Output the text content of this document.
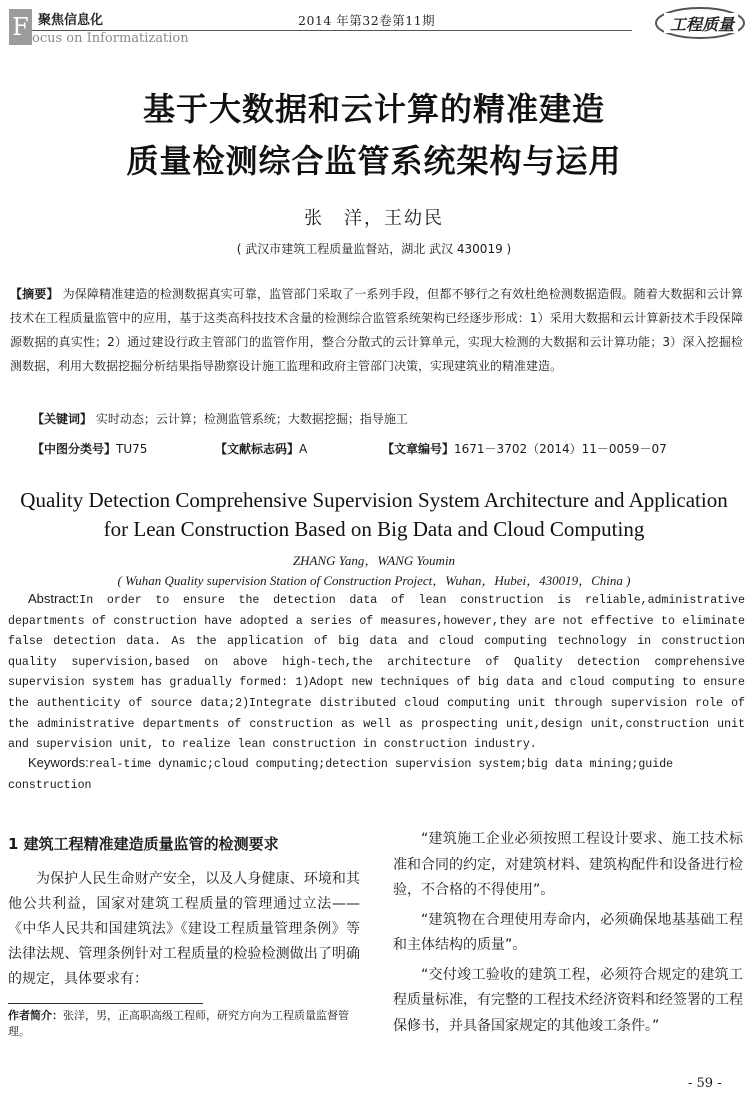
F 聚焦信息化
ocus on Informatization
2014 年第32卷第11期	工程质量
基于大数据和云计算的精准建造
质量检测综合监管系统架构与运用
张　洋，王幼民
( 武汉市建筑工程质量监督站，湖北 武汉 430019 )
【摘要】 为保障精准建造的检测数据真实可靠，监管部门采取了一系列手段，但都不够行之有效杜绝检测数据造假。随着大数据和云计算技术在工程质量监管中的应用，基于这类高科技技术含量的检测综合监管系统架构已经逐步形成：1）采用大数据和云计算新技术手段保障源数据的真实性；2）通过建设行政主管部门的监管作用，整合分散式的云计算单元，实现大检测的大数据和云计算功能；3）深入挖掘检测数据，利用大数据挖掘分析结果指导勘察设计施工监理和政府主管部门决策，实现建筑业的精准建造。
【关键词】 实时动态；云计算；检测监管系统；大数据挖掘；指导施工
【中图分类号】TU75	【文献标志码】A	【文章编号】1671－3702（2014）11－0059－07
Quality Detection Comprehensive Supervision System Architecture and Application
for Lean Construction Based on Big Data and Cloud Computing
ZHANG Yang，WANG Youmin
( Wuhan Quality supervision Station of Construction Project，Wuhan，Hubei，430019，China )
Abstract:In order to ensure the detection data of lean construction is reliable,administrative departments of construction have adopted a series of measures,however,they are not effective to eliminate false detection data. As the application of big data and cloud computing technology in construction quality supervision,based on above high-tech,the architecture of Quality detection comprehensive supervision system has gradually formed: 1)Adopt new techniques of big data and cloud computing to ensure the authenticity of source data;2)Integrate distributed cloud computing unit through supervision role of the administrative departments of construction as well as prospecting unit,design unit,construction unit and supervision unit, to realize lean construction in construction industry.
Keywords:real-time dynamic;cloud computing;detection supervision system;big data mining;guide construction
1 建筑工程精准建造质量监管的检测要求

为保护人民生命财产安全，以及人身健康、环境和其他公共利益，国家对建筑工程质量的管理通过立法——《中华人民共和国建筑法》《建设工程质量管理条例》等法律法规、管理条例针对工程质量的检验检测做出了明确的规定，具体要求有：

“建筑施工企业必须按照工程设计要求、施工技术标准和合同的约定，对建筑材料、建筑构配件和设备进行检验，不合格的不得使用”。

“建筑物在合理使用寿命内，必须确保地基基础工程和主体结构的质量”。

“交付竣工验收的建筑工程，必须符合规定的建筑工程质量标准，有完整的工程技术经济资料和经签署的工程保修书，并具备国家规定的其他竣工条件。”

作者简介：张洋，男，正高职高级工程师，研究方向为工程质量监督管理。
- 59 -
